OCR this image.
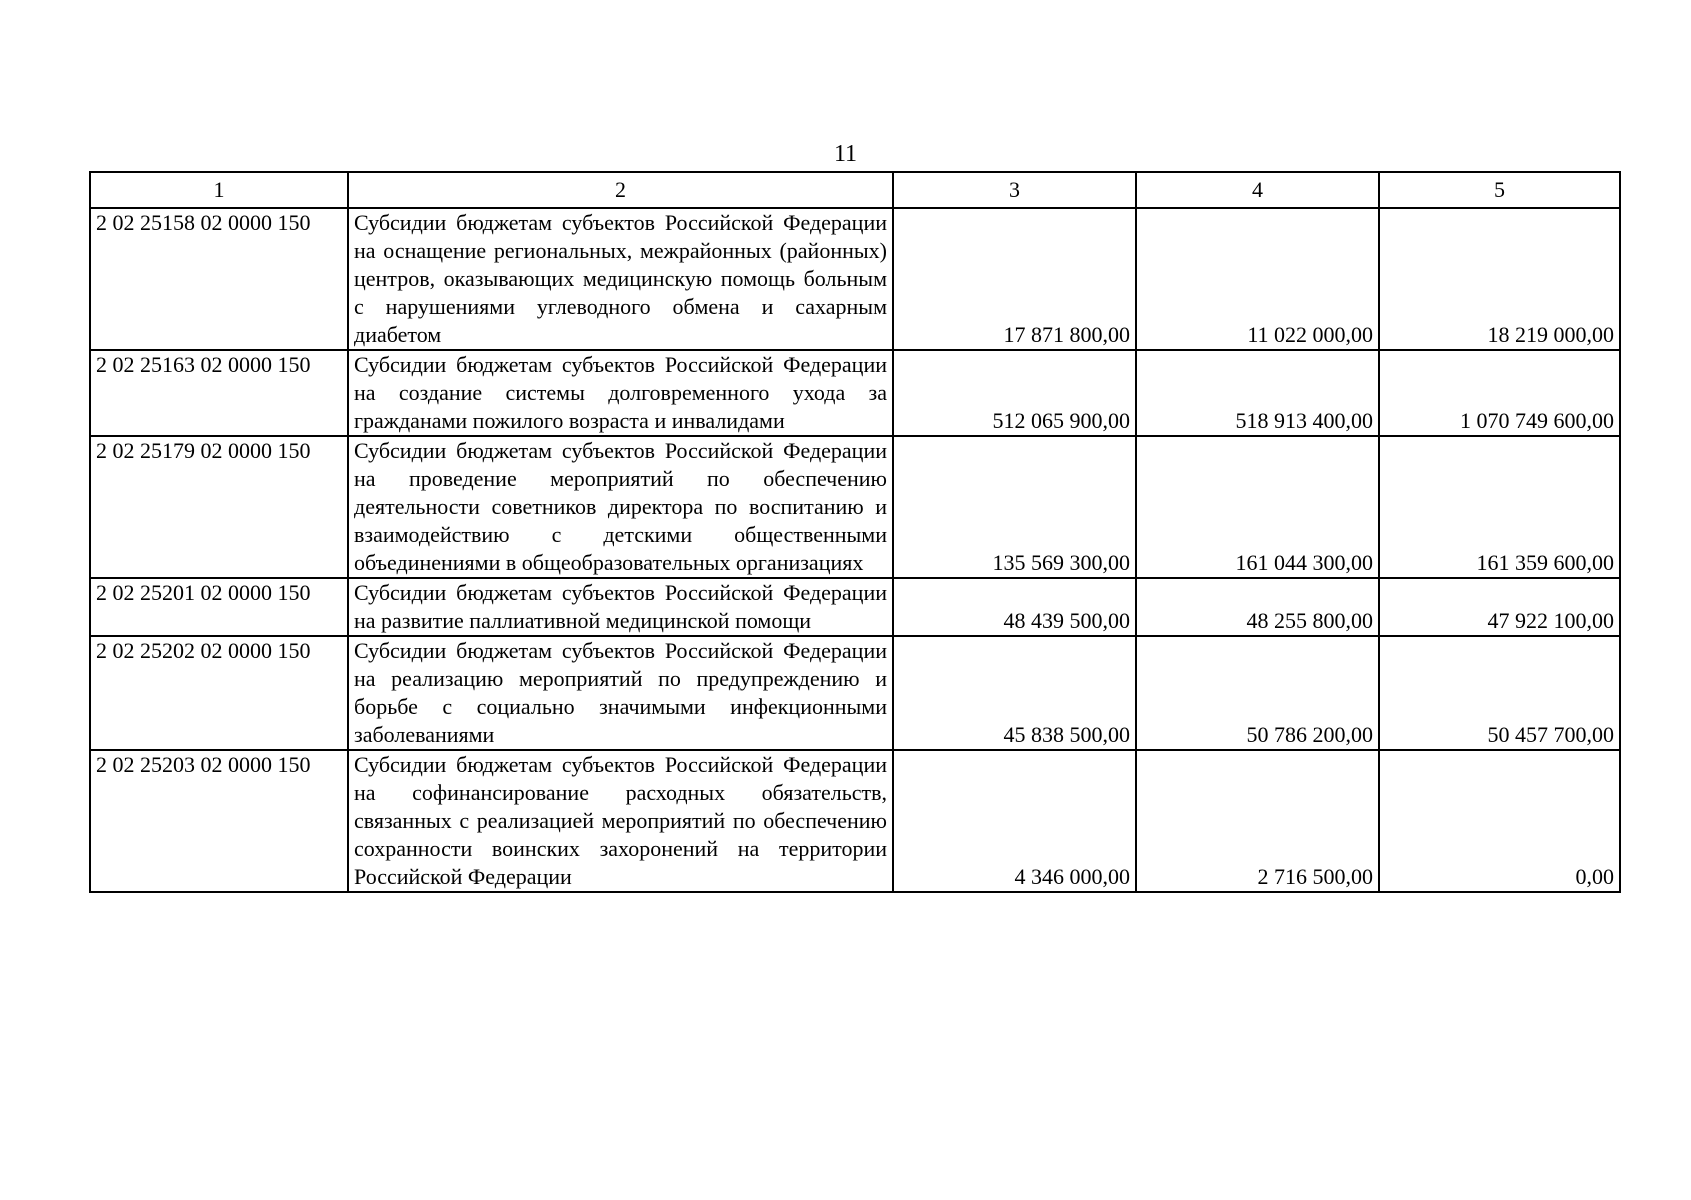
11
1	2	3	4	5
2 02 25158 02 0000 150	Субсидии бюджетам субъектов Российской Федерации на оснащение региональных, межрайонных (районных) центров, оказывающих медицинскую помощь больным с нарушениями углеводного обмена и сахарным диабетом	17 871 800,00	11 022 000,00	18 219 000,00
2 02 25163 02 0000 150	Субсидии бюджетам субъектов Российской Федерации на создание системы долговременного ухода за гражданами пожилого возраста и инвалидами	512 065 900,00	518 913 400,00	1 070 749 600,00
2 02 25179 02 0000 150	Субсидии бюджетам субъектов Российской Федерации на проведение мероприятий по обеспечению деятельности советников директора по воспитанию и взаимодействию с детскими общественными объединениями в общеобразовательных организациях	135 569 300,00	161 044 300,00	161 359 600,00
2 02 25201 02 0000 150	Субсидии бюджетам субъектов Российской Федерации на развитие паллиативной медицинской помощи	48 439 500,00	48 255 800,00	47 922 100,00
2 02 25202 02 0000 150	Субсидии бюджетам субъектов Российской Федерации на реализацию мероприятий по предупреждению и борьбе с социально значимыми инфекционными заболеваниями	45 838 500,00	50 786 200,00	50 457 700,00
2 02 25203 02 0000 150	Субсидии бюджетам субъектов Российской Федерации на софинансирование расходных обязательств, связанных с реализацией мероприятий по обеспечению сохранности воинских захоронений на территории Российской Федерации	4 346 000,00	2 716 500,00	0,00
